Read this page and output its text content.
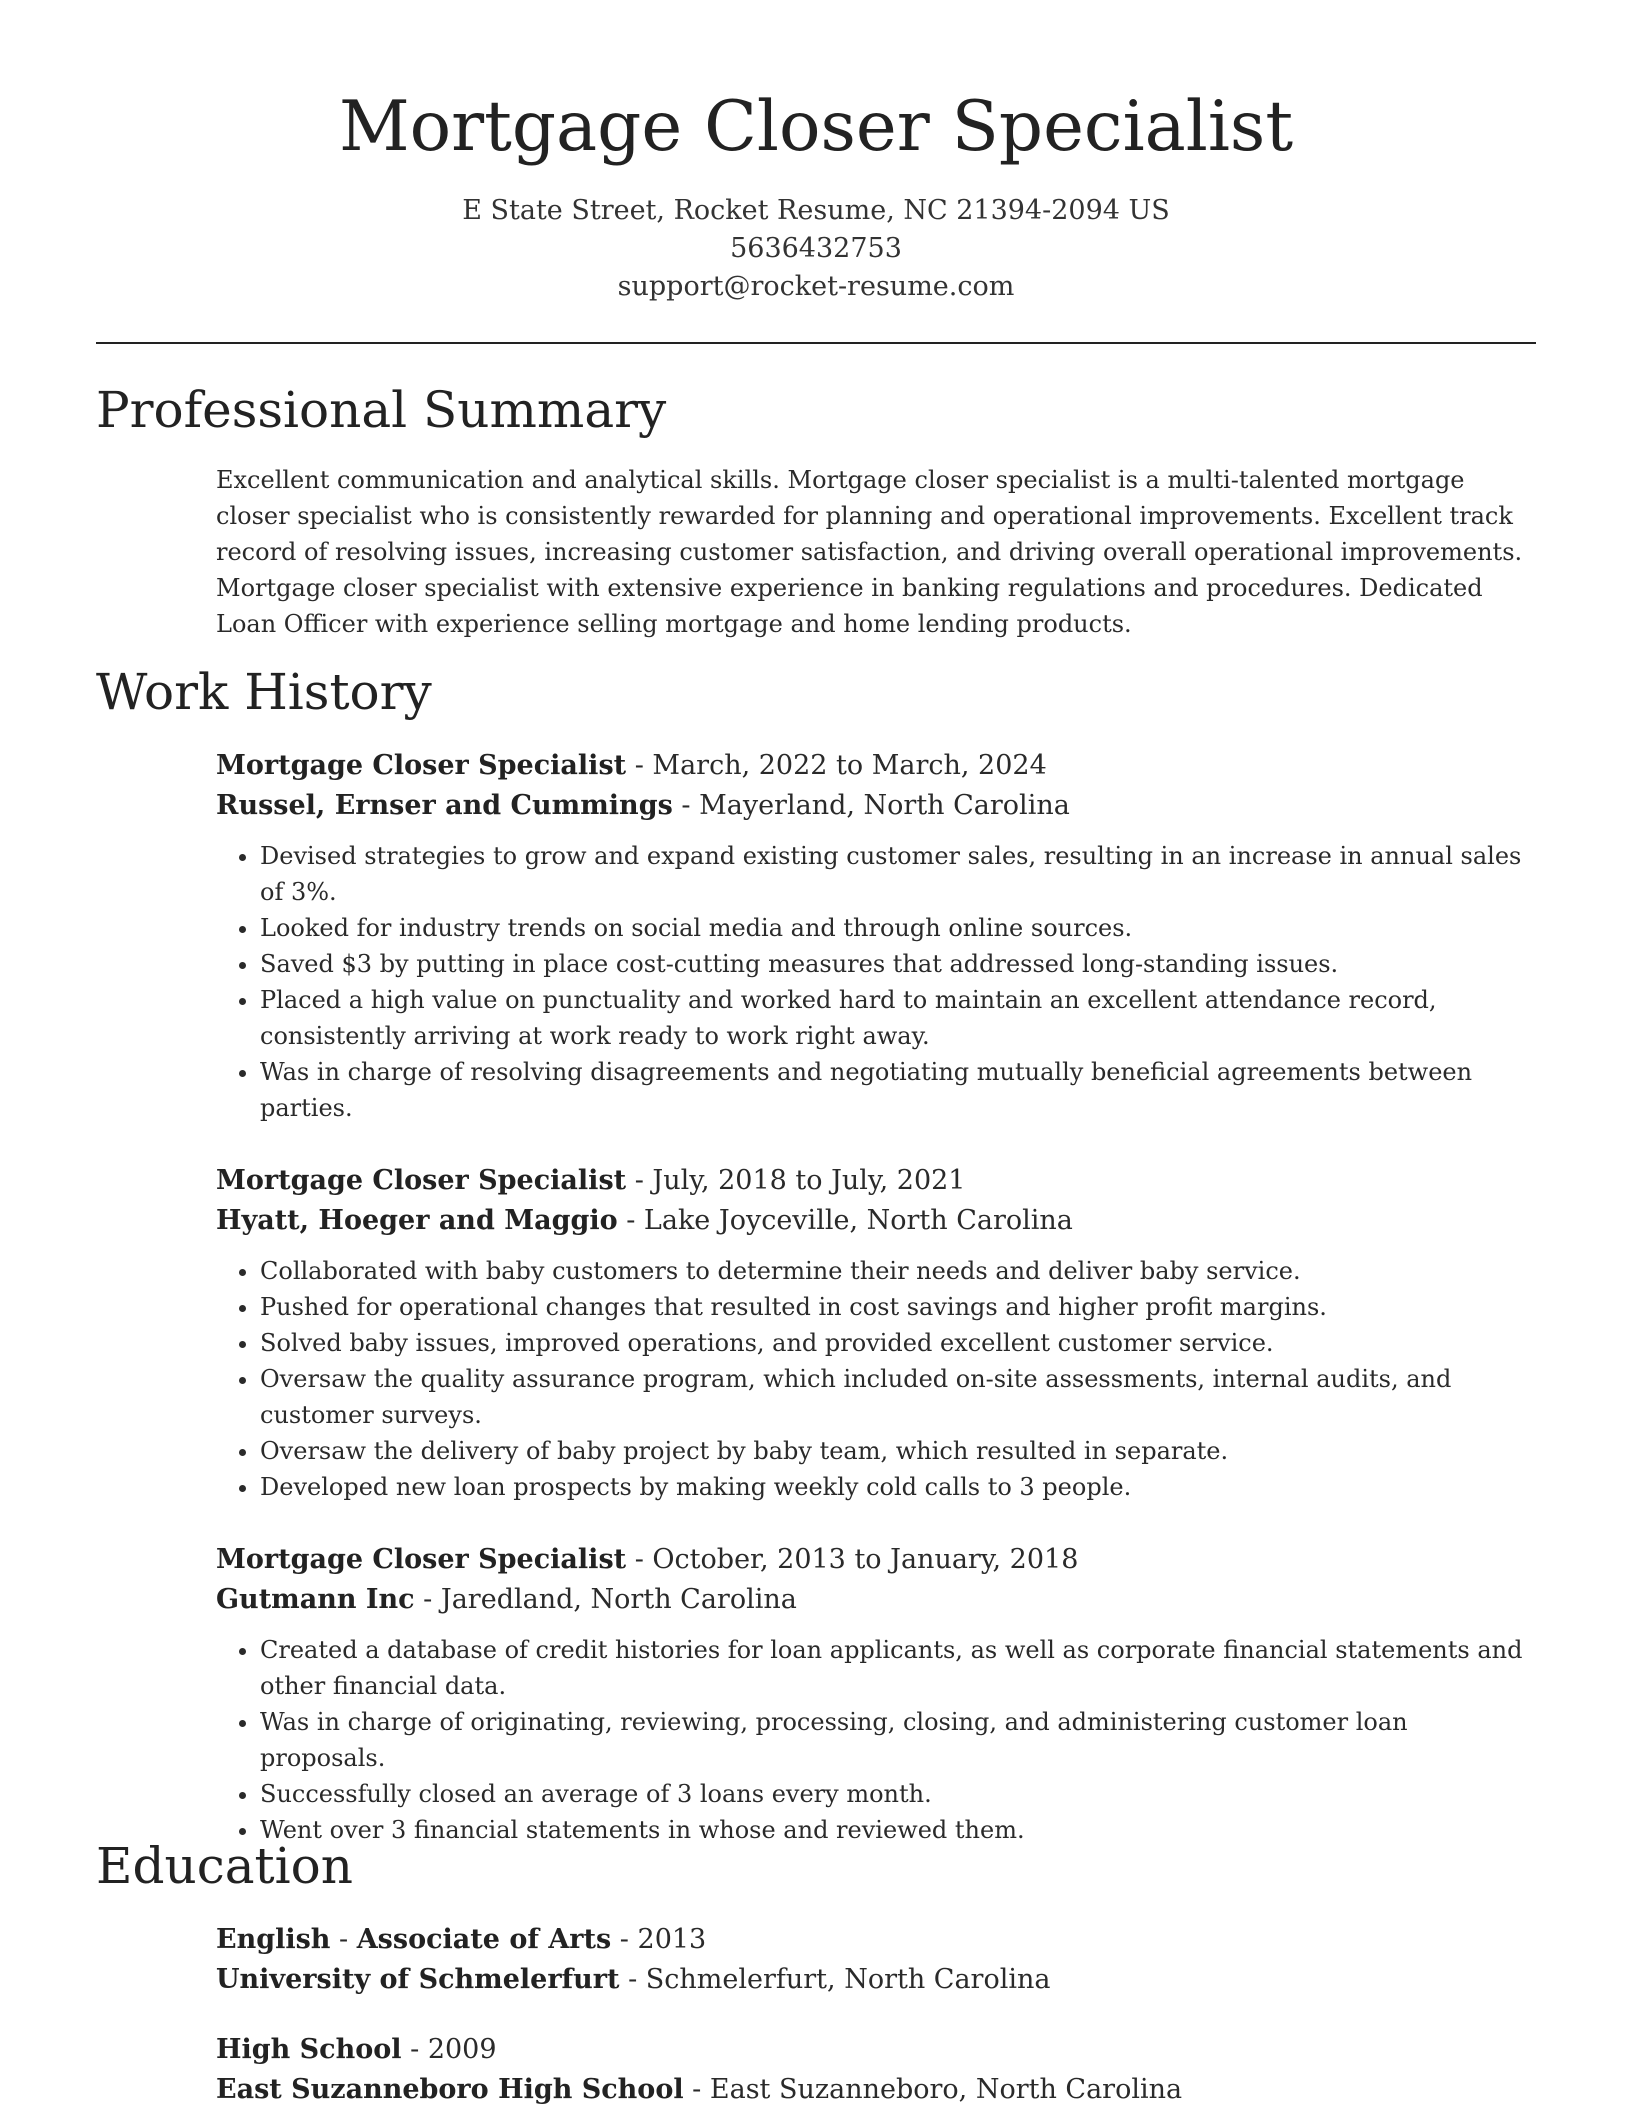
Mortgage Closer Specialist

E State Street, Rocket Resume, NC 21394-2094 US

5636432753

support@rocket-resume.com

Professional Summary

Excellent communication and analytical skills. Mortgage closer specialist is a multi-talented mortgage closer specialist who is consistently rewarded for planning and operational improvements. Excellent track record of resolving issues, increasing customer satisfaction, and driving overall operational improvements. Mortgage closer specialist with extensive experience in banking regulations and procedures. Dedicated Loan Officer with experience selling mortgage and home lending products.

Work History

Mortgage Closer Specialist - March, 2022 to March, 2024

Russel, Ernser and Cummings - Mayerland, North Carolina

• Devised strategies to grow and expand existing customer sales, resulting in an increase in annual sales of 3%.
• Looked for industry trends on social media and through online sources.
• Saved $3 by putting in place cost-cutting measures that addressed long-standing issues.
• Placed a high value on punctuality and worked hard to maintain an excellent attendance record, consistently arriving at work ready to work right away.
• Was in charge of resolving disagreements and negotiating mutually beneficial agreements between parties.

Mortgage Closer Specialist - July, 2018 to July, 2021

Hyatt, Hoeger and Maggio - Lake Joyceville, North Carolina

• Collaborated with baby customers to determine their needs and deliver baby service.
• Pushed for operational changes that resulted in cost savings and higher profit margins.
• Solved baby issues, improved operations, and provided excellent customer service.
• Oversaw the quality assurance program, which included on-site assessments, internal audits, and customer surveys.
• Oversaw the delivery of baby project by baby team, which resulted in separate.
• Developed new loan prospects by making weekly cold calls to 3 people.

Mortgage Closer Specialist - October, 2013 to January, 2018

Gutmann Inc - Jaredland, North Carolina

• Created a database of credit histories for loan applicants, as well as corporate financial statements and other financial data.
• Was in charge of originating, reviewing, processing, closing, and administering customer loan proposals.
• Successfully closed an average of 3 loans every month.
• Went over 3 financial statements in whose and reviewed them.
Education

English - Associate of Arts - 2013

University of Schmelerfurt - Schmelerfurt, North Carolina

High School - 2009

East Suzanneboro High School - East Suzanneboro, North Carolina
